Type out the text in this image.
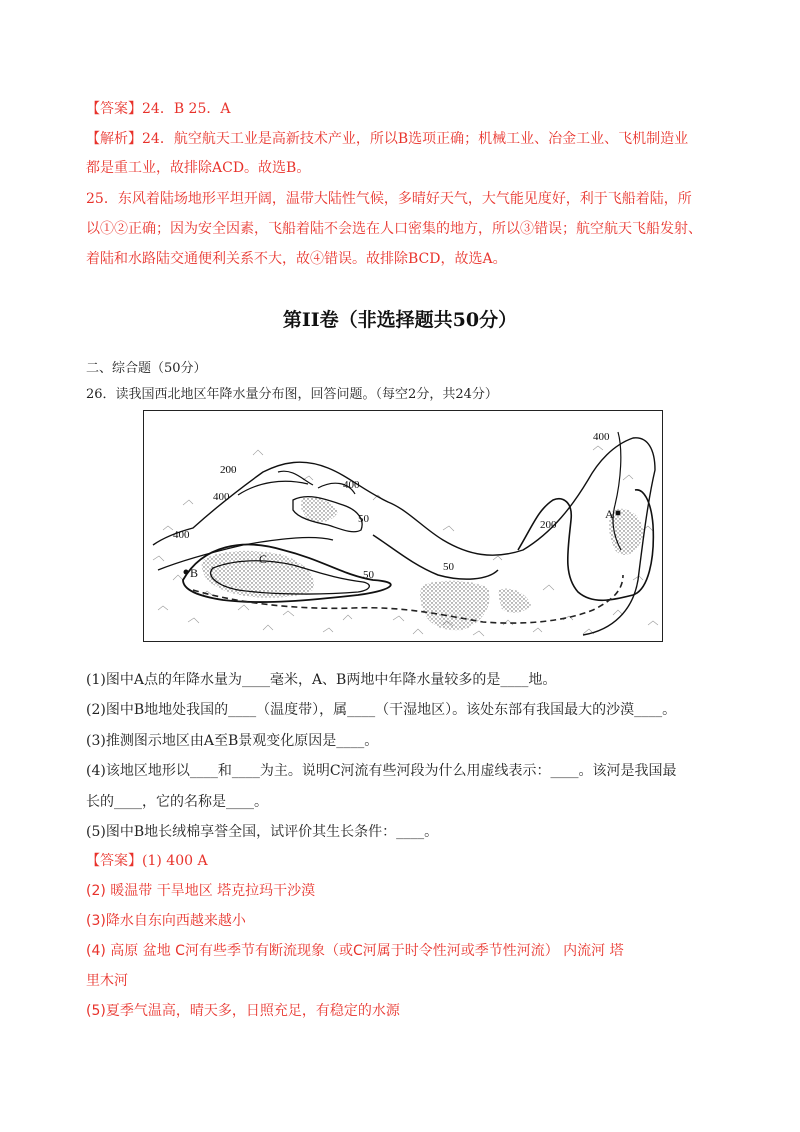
【答案】24．B 25．A
【解析】24．航空航天工业是高新技术产业，所以B选项正确；机械工业、冶金工业、飞机制造业
都是重工业，故排除ACD。故选B。
25．东风着陆场地形平坦开阔，温带大陆性气候，多晴好天气，大气能见度好，利于飞船着陆，所
以①②正确；因为安全因素，飞船着陆不会选在人口密集的地方，所以③错误；航空航天飞船发射、
着陆和水路陆交通便利关系不大，故④错误。故排除BCD，故选A。
第II卷（非选择题共50分）
二、综合题（50分）
26．读我国西北地区年降水量分布图，回答问题。（每空2分，共24分）
400
200
50
200
400
400
400
50
50
A
B
C
(1)图中A点的年降水量为____毫米，A、B两地中年降水量较多的是____地。
(2)图中B地地处我国的____（温度带），属____（干湿地区）。该处东部有我国最大的沙漠____。
(3)推测图示地区由A至B景观变化原因是____。
(4)该地区地形以____和____为主。说明C河流有些河段为什么用虚线表示：____。该河是我国最
长的____，它的名称是____。
(5)图中B地长绒棉享誉全国，试评价其生长条件：____。
【答案】(1) 400 A
(2) 暖温带 干旱地区 塔克拉玛干沙漠
(3)降水自东向西越来越小
(4) 高原 盆地 C河有些季节有断流现象（或C河属于时令性河或季节性河流） 内流河 塔
里木河
(5)夏季气温高，晴天多，日照充足，有稳定的水源
